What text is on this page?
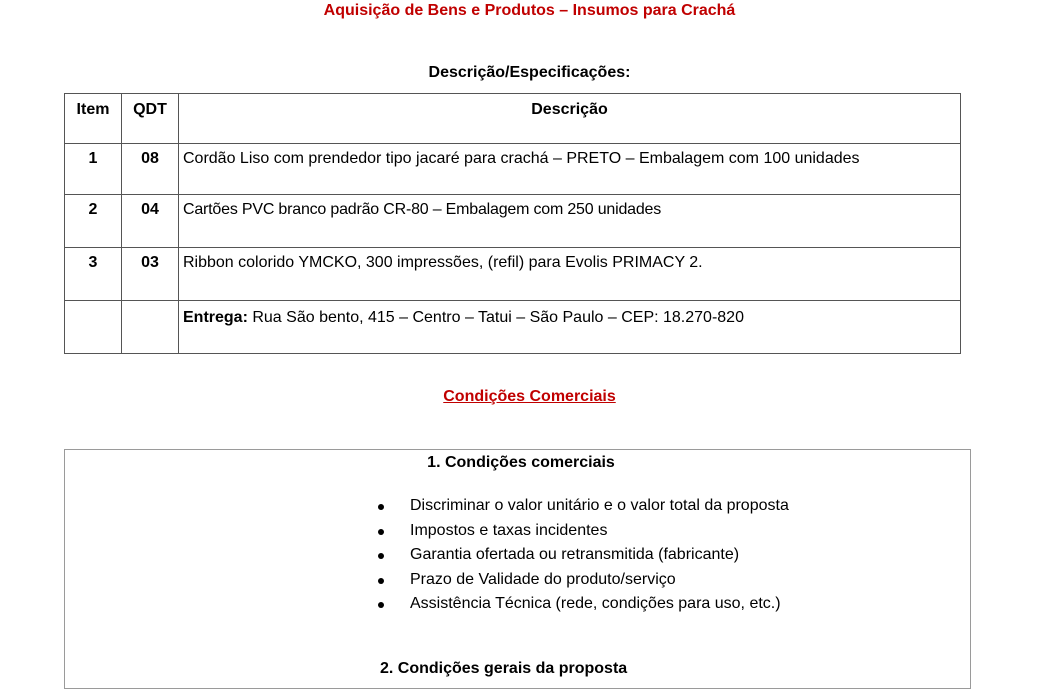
Aquisição de Bens e Produtos – Insumos para Crachá
Descrição/Especificações:
Item	QDT	Descrição
1	08	Cordão Liso com prendedor tipo jacaré para crachá – PRETO – Embalagem com 100 unidades
2	04	Cartões PVC branco padrão CR-80 – Embalagem com 250 unidades
3	03	Ribbon colorido YMCKO, 300 impressões, (refil) para Evolis PRIMACY 2.
		Entrega: Rua São bento, 415 – Centro – Tatui – São Paulo – CEP: 18.270-820
Condições Comerciais
1. Condições comerciais
Discriminar o valor unitário e o valor total da proposta
Impostos e taxas incidentes
Garantia ofertada ou retransmitida (fabricante)
Prazo de Validade do produto/serviço
Assistência Técnica (rede, condições para uso, etc.)
2. Condições gerais da proposta
